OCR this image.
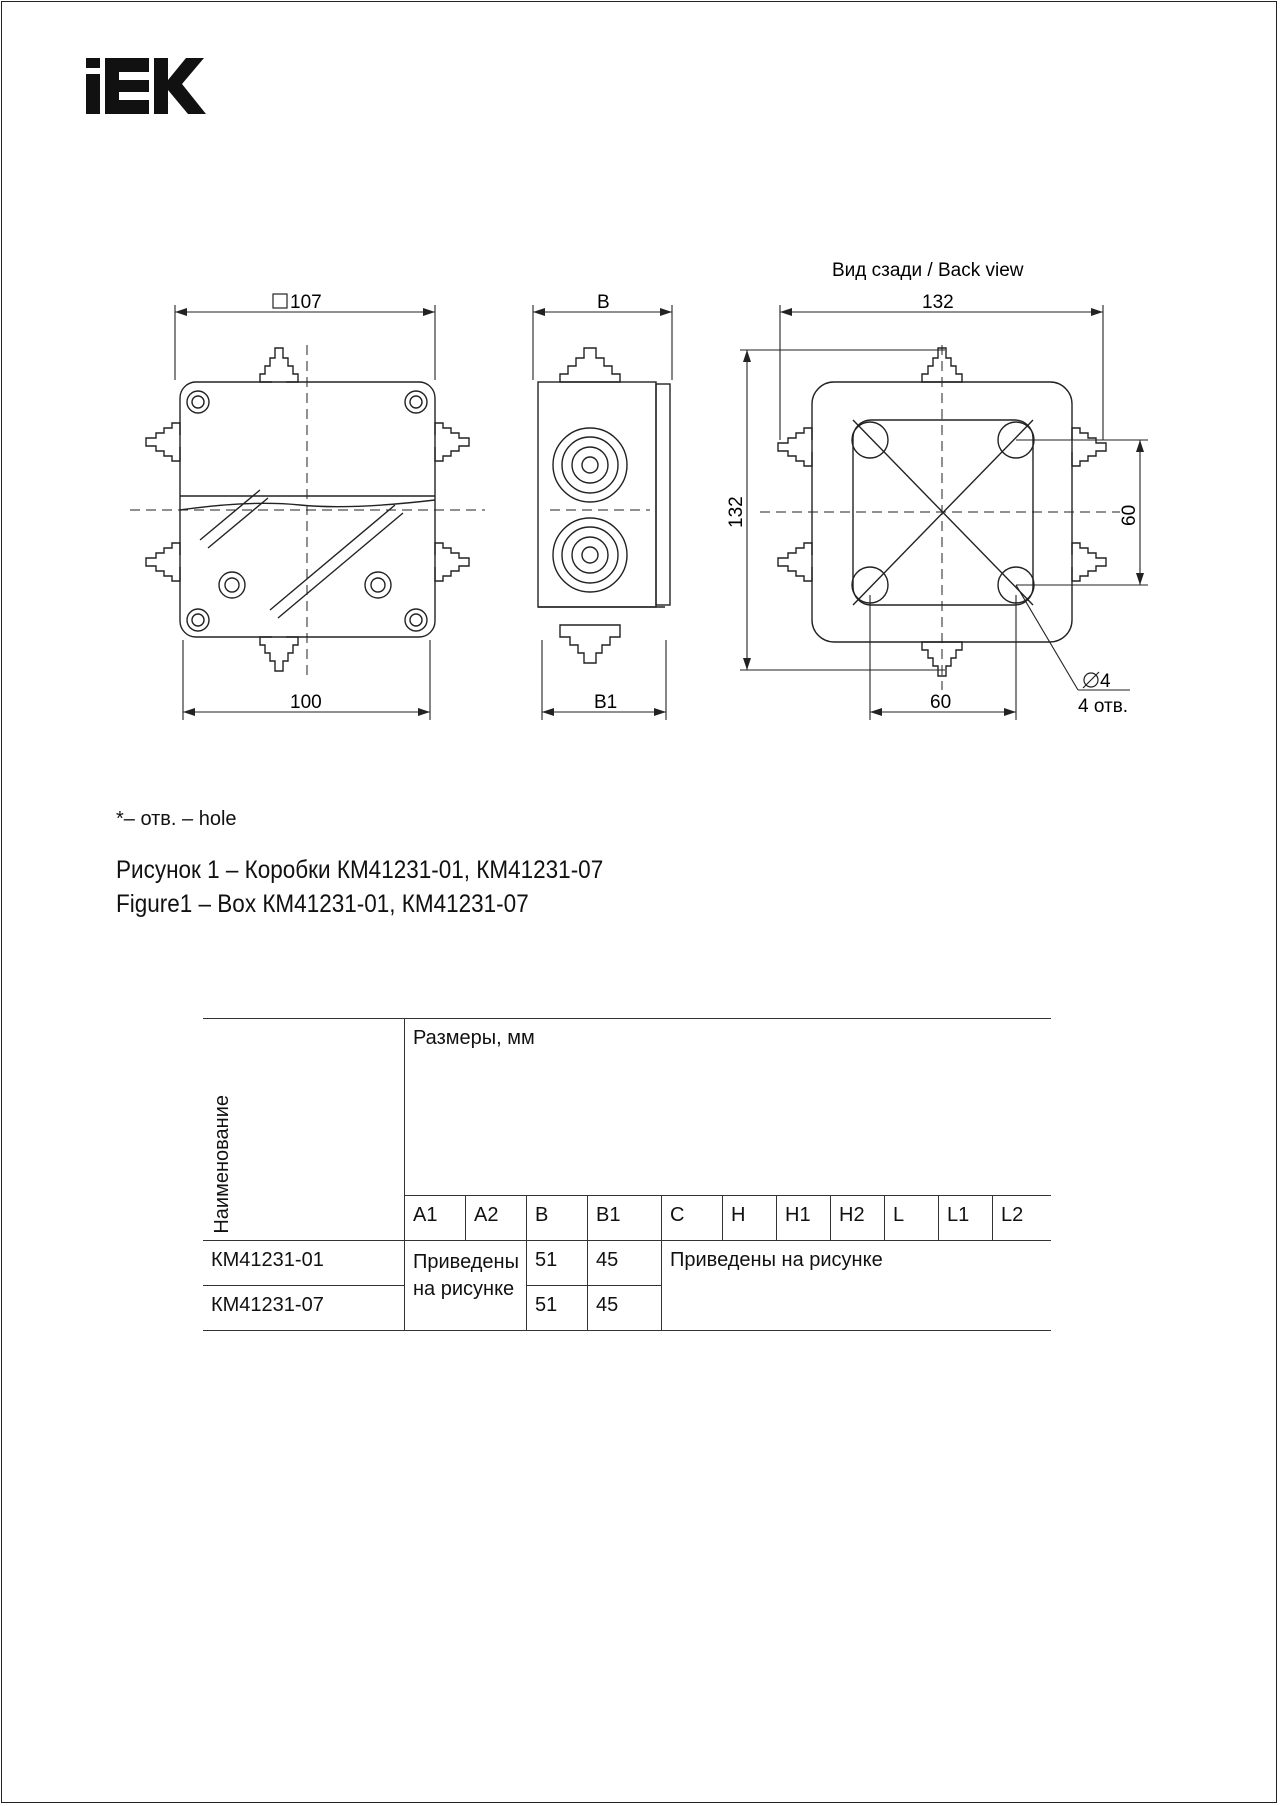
107
100
B
B1
Вид сзади / Back view
132
132	60
60
4
4 отв.
*– отв. – hole
Рисунок 1 – Коробки КМ41231-01, КМ41231-07
Figure1 – Box КМ41231-01, КМ41231-07
Наименование	Размеры, мм										
	A1	A2	B	B1	C	H	H1	H2	L	L1	L2
КМ41231-01	Приведены на рисунке		51	45	Приведены на рисунке						
КМ41231-07			51	45							
